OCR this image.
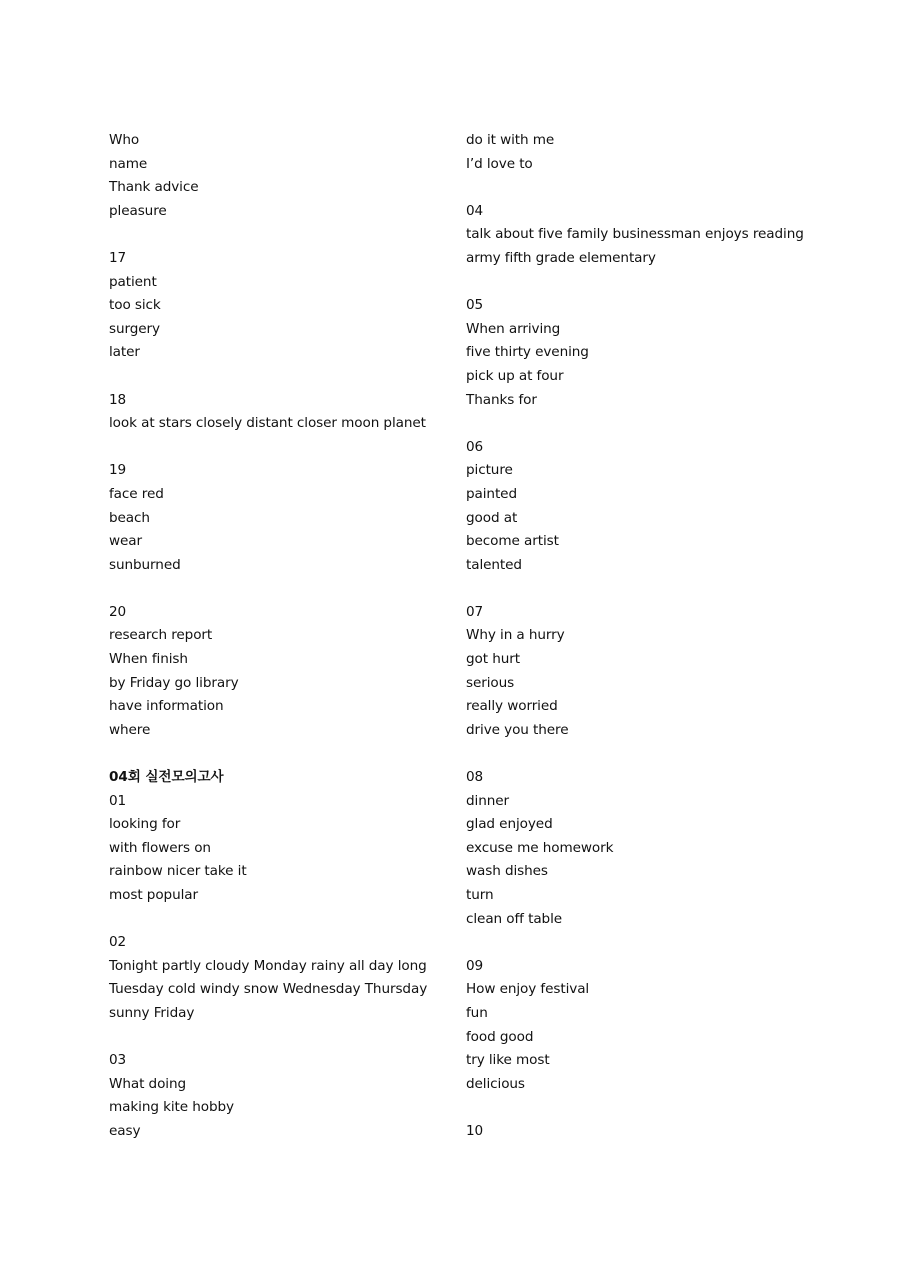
Who
name
Thank advice
pleasure
17
patient
too sick
surgery
later
18
look at stars closely distant closer moon planet
19
face red
beach
wear
sunburned
20
research report
When finish
by Friday go library
have information
where
04회 실전모의고사
01
looking for
with flowers on
rainbow nicer take it
most popular
02
Tonight partly cloudy Monday rainy all day long
Tuesday cold windy snow Wednesday Thursday
sunny Friday
03
What doing
making kite hobby
easy
do it with me
I’d love to
04
talk about five family businessman enjoys reading
army fifth grade elementary
05
When arriving
five thirty evening
pick up at four
Thanks for
06
picture
painted
good at
become artist
talented
07
Why in a hurry
got hurt
serious
really worried
drive you there
08
dinner
glad enjoyed
excuse me homework
wash dishes
turn
clean off table
09
How enjoy festival
fun
food good
try like most
delicious
10
